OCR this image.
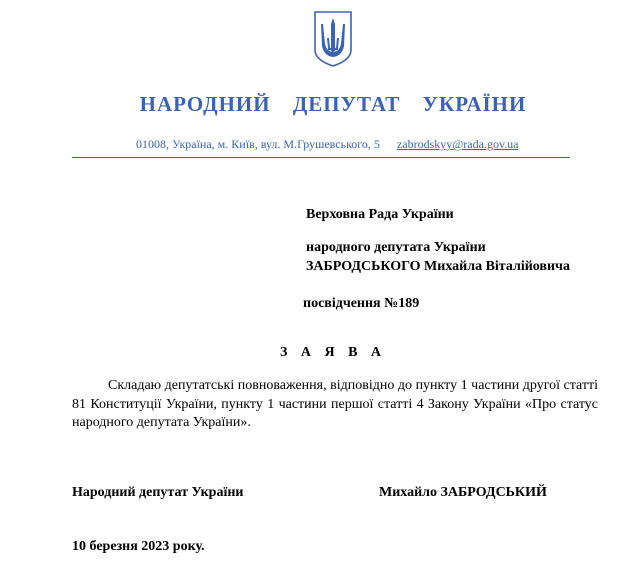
НАРОДНИЙ ДЕПУТАТ УКРАЇНИ
01008, Україна, м. Київ, вул. М.Грушевського, 5 zabrodskyy@rada.gov.ua
Верховна Рада України
народного депутата України
ЗАБРОДСЬКОГО Михайла Віталійовича
посвідчення №189
З А Я В А
Складаю депутатські повноваження, відповідно до пункту 1 частини другої статті 81 Конституції України, пункту 1 частини першої статті 4 Закону України «Про статус народного депутата України».
Народний депутат України	Михайло ЗАБРОДСЬКИЙ
10 березня 2023 року.
